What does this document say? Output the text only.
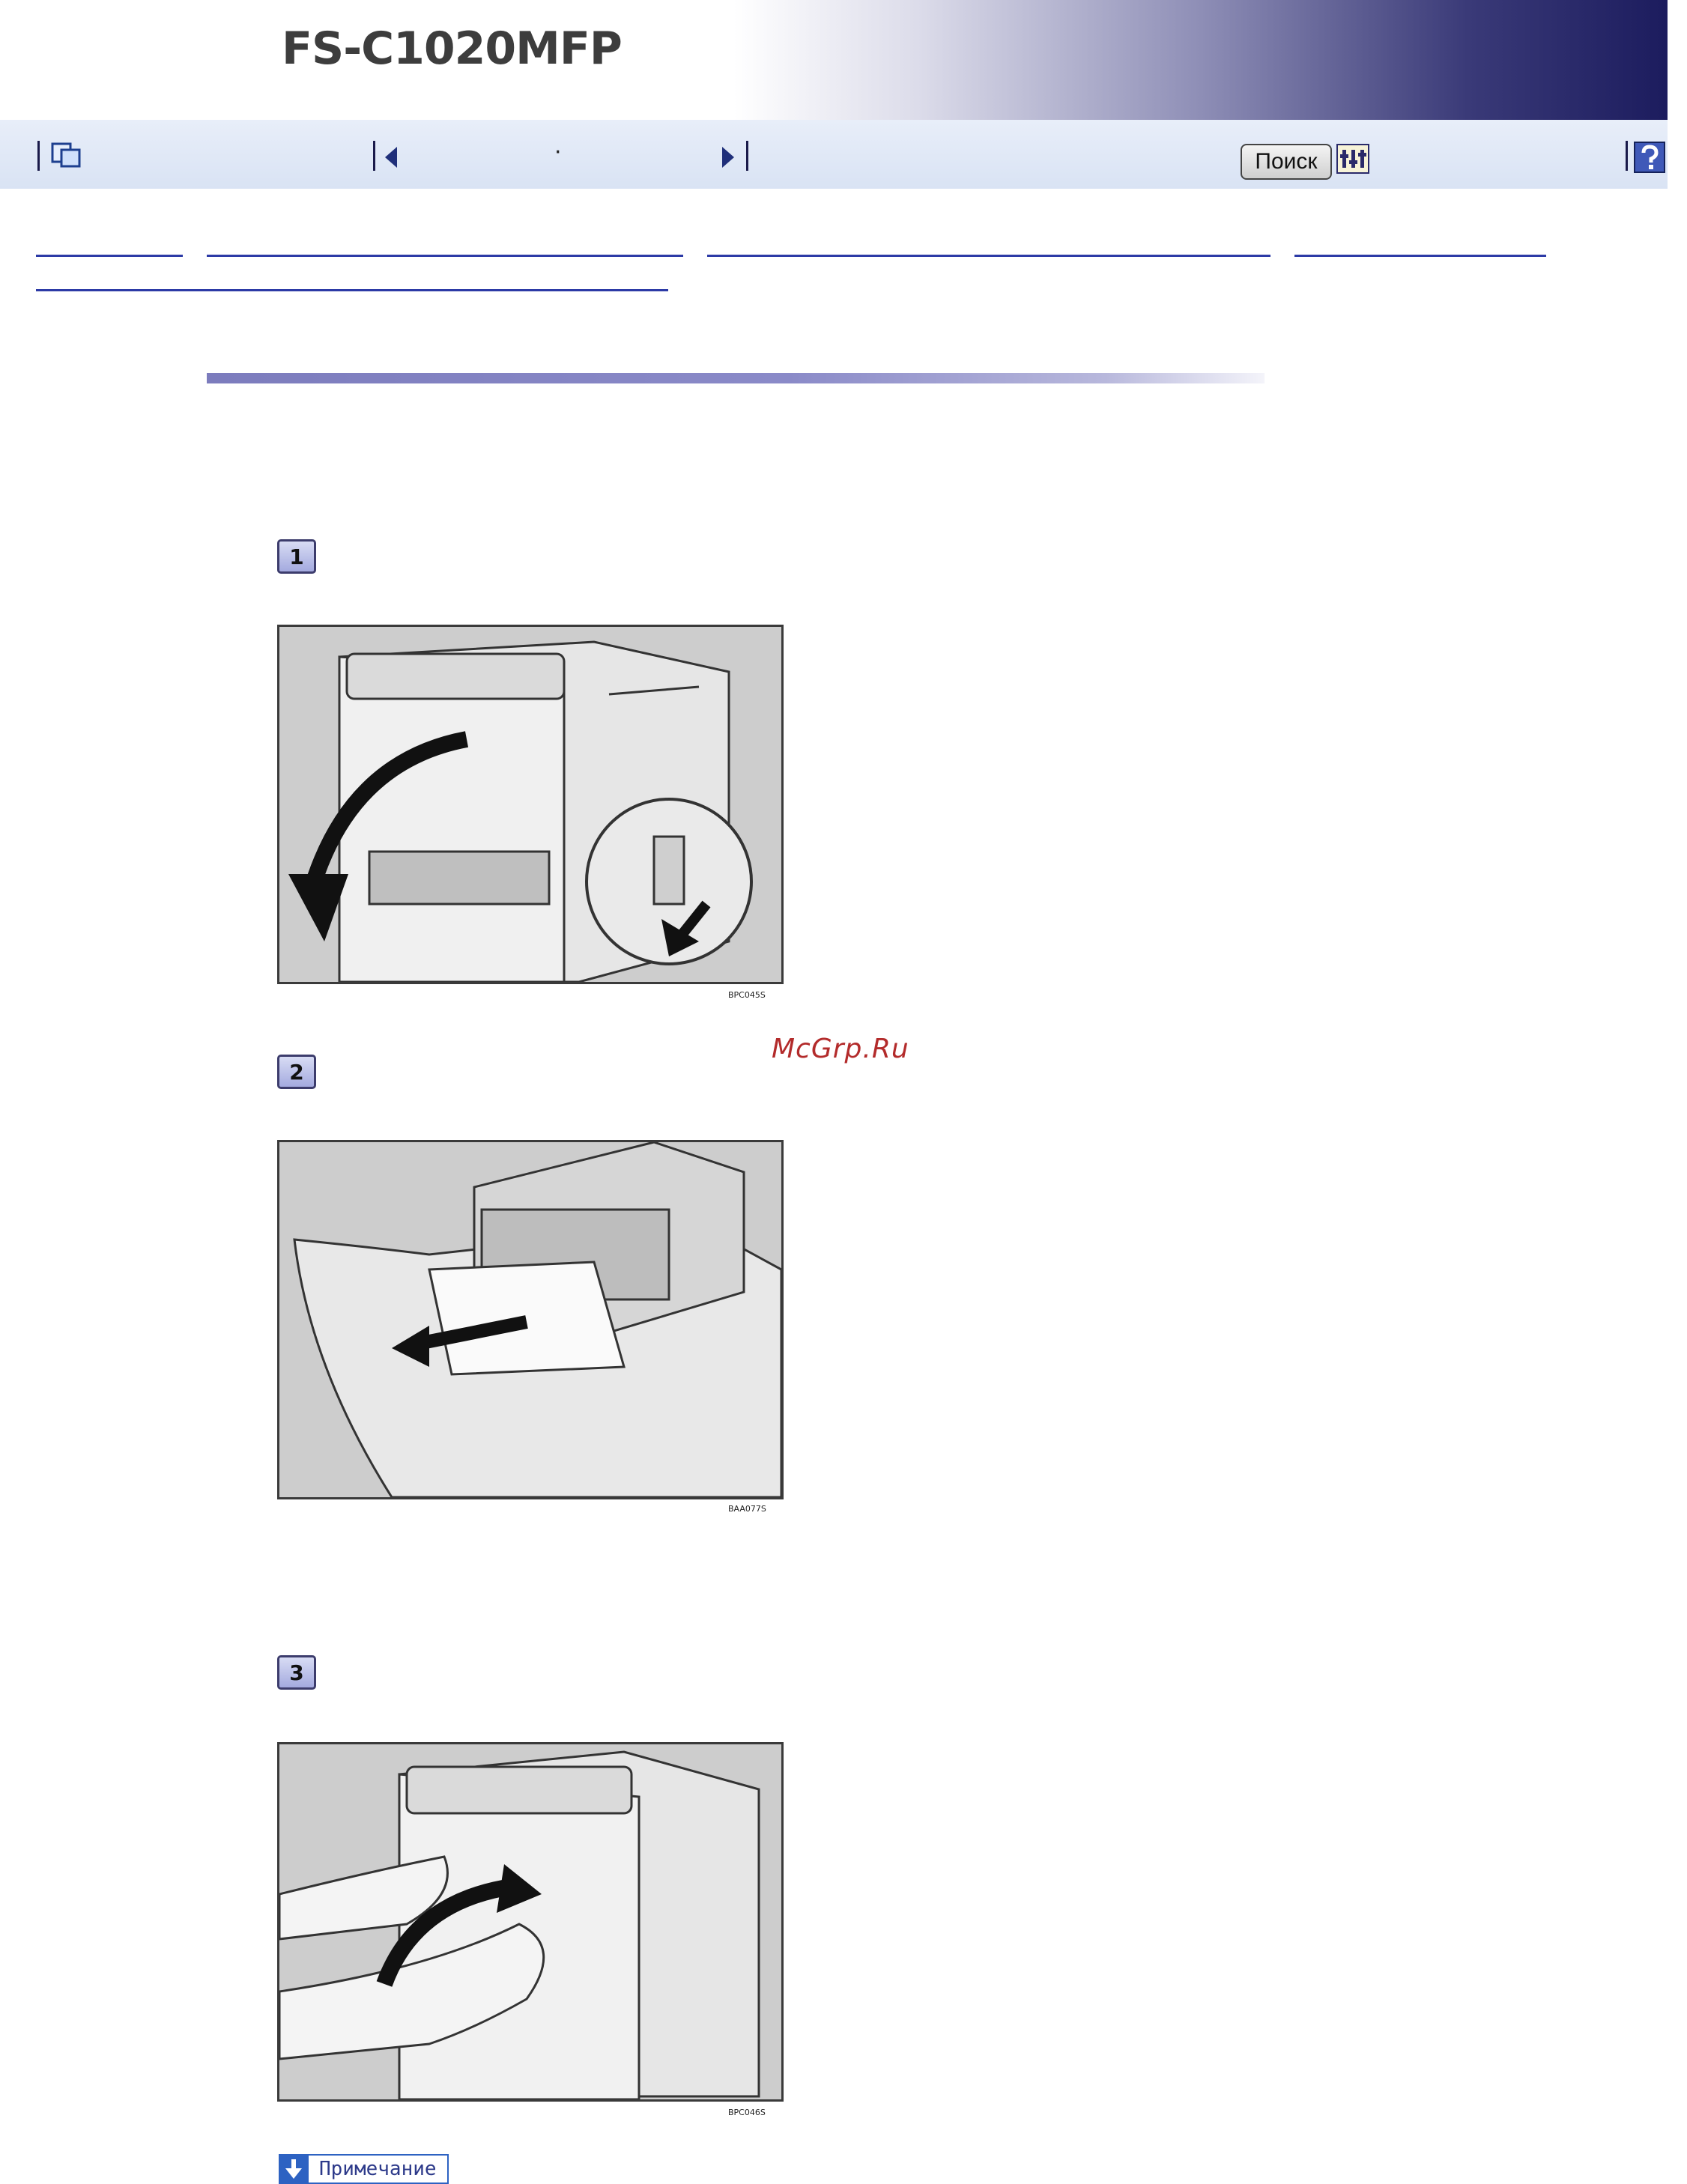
FS-C1020MFP
·	Поиск
1
BPC045S
2
McGrp.Ru
BAA077S
3
BPC046S
Примечание
